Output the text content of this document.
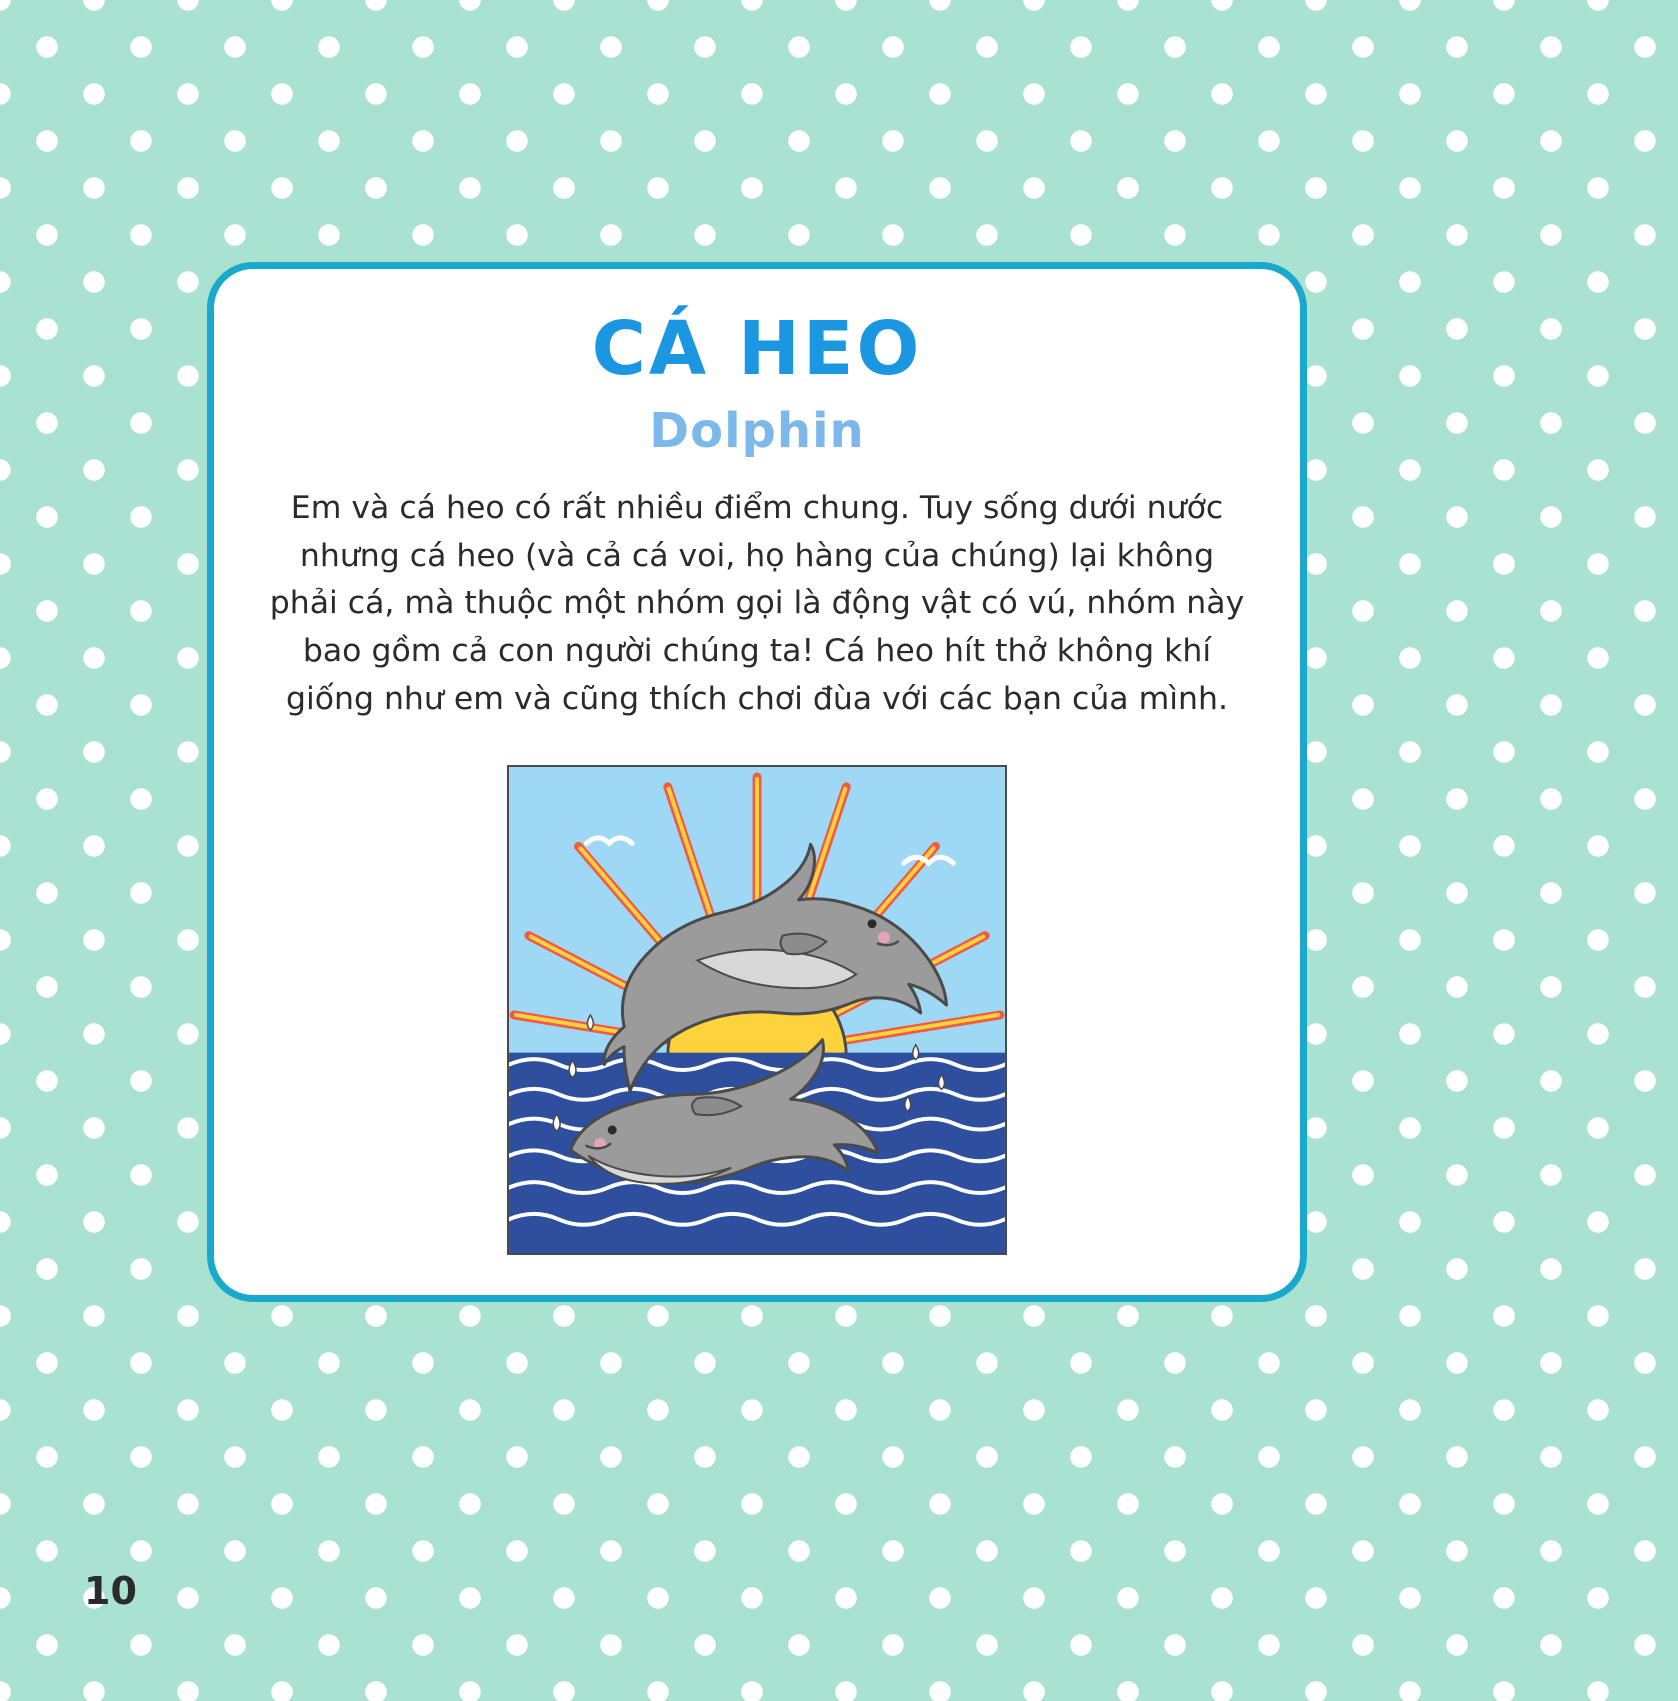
CÁ HEO
Dolphin

Em và cá heo có rất nhiều điểm chung. Tuy sống dưới nước nhưng cá heo (và cả cá voi, họ hàng của chúng) lại không phải cá, mà thuộc một nhóm gọi là động vật có vú, nhóm này bao gồm cả con người chúng ta! Cá heo hít thở không khí giống như em và cũng thích chơi đùa với các bạn của mình.

10
